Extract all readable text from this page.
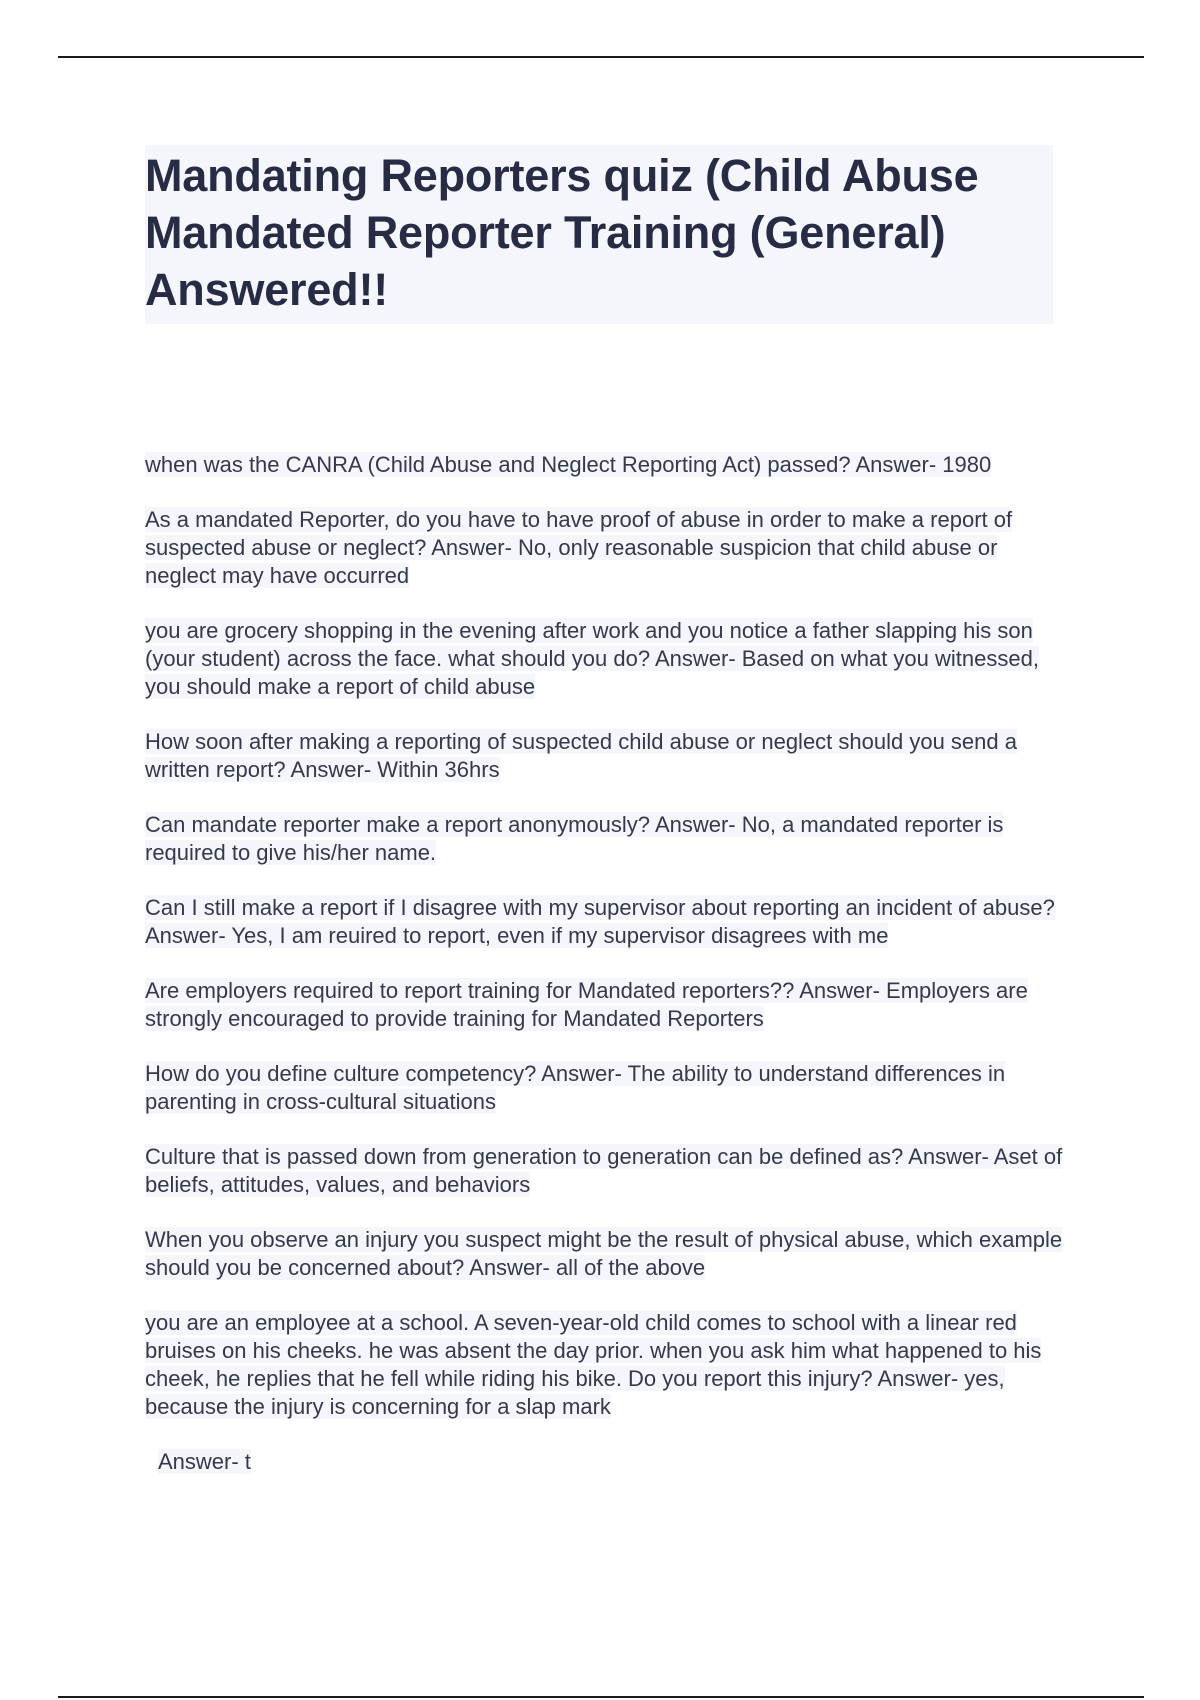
Mandating Reporters quiz (Child Abuse Mandated Reporter Training (General) Answered!!

when was the CANRA (Child Abuse and Neglect Reporting Act) passed? Answer- 1980

As a mandated Reporter, do you have to have proof of abuse in order to make a report of suspected abuse or neglect? Answer- No, only reasonable suspicion that child abuse or neglect may have occurred

you are grocery shopping in the evening after work and you notice a father slapping his son (your student) across the face. what should you do? Answer- Based on what you witnessed, you should make a report of child abuse

How soon after making a reporting of suspected child abuse or neglect should you send a written report? Answer- Within 36hrs

Can mandate reporter make a report anonymously? Answer- No, a mandated reporter is required to give his/her name.

Can I still make a report if I disagree with my supervisor about reporting an incident of abuse? Answer- Yes, I am reuired to report, even if my supervisor disagrees with me

Are employers required to report training for Mandated reporters?? Answer- Employers are strongly encouraged to provide training for Mandated Reporters

How do you define culture competency? Answer- The ability to understand differences in parenting in cross-cultural situations

Culture that is passed down from generation to generation can be defined as? Answer- Aset of beliefs, attitudes, values, and behaviors

When you observe an injury you suspect might be the result of physical abuse, which example should you be concerned about? Answer- all of the above

you are an employee at a school. A seven-year-old child comes to school with a linear red bruises on his cheeks. he was absent the day prior. when you ask him what happened to his cheek, he replies that he fell while riding his bike. Do you report this injury? Answer- yes, because the injury is concerning for a slap mark

Answer- t
